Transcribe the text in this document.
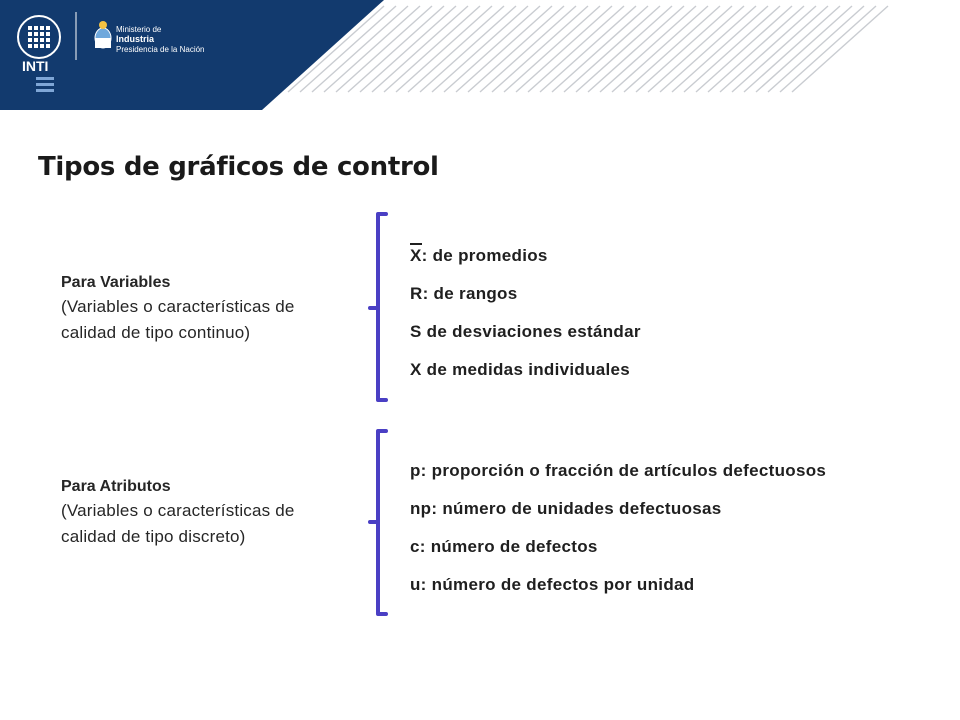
INTI
Ministerio de
Industria
Presidencia de la Nación
Tipos de gráficos de control
Para Variables
(Variables o características de
calidad de tipo continuo)
X: de promedios
R: de rangos
S de desviaciones estándar
X de medidas individuales
Para Atributos
(Variables o características de
calidad de tipo discreto)
p: proporción o fracción de artículos defectuosos
np: número de unidades defectuosas
c: número de defectos
u: número de defectos por unidad
